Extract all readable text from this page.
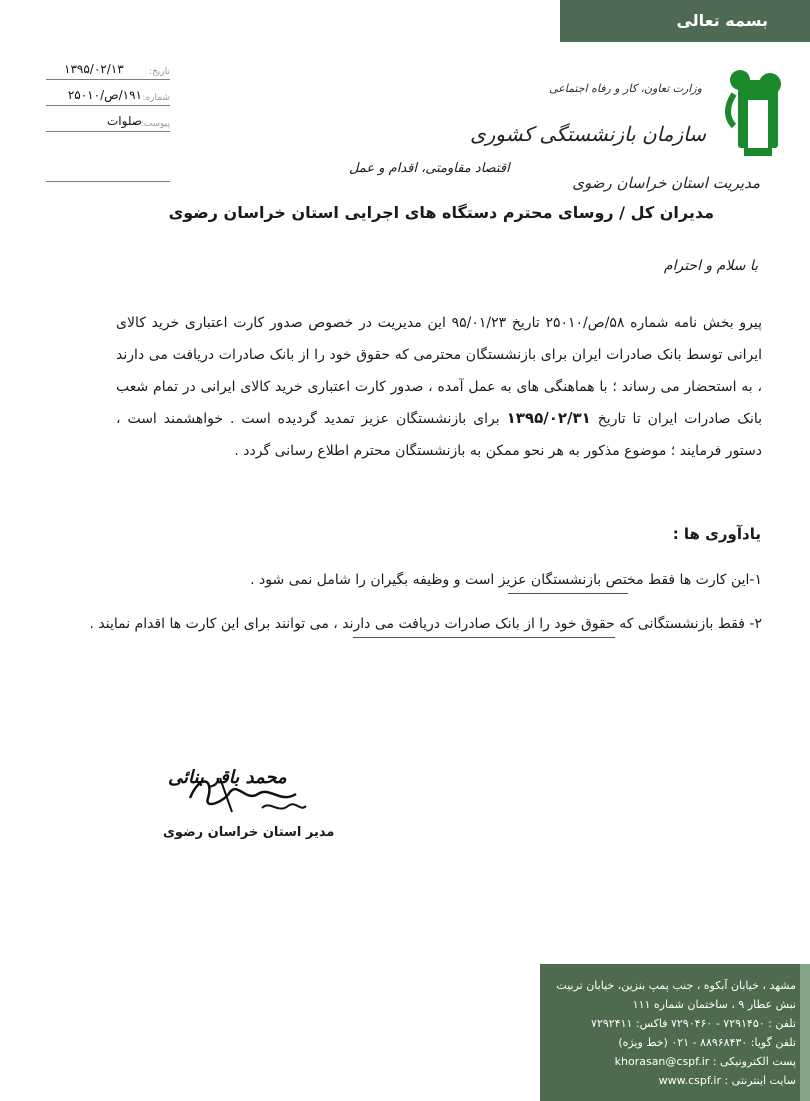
بسمه تعالی
تاریخ:
۱۳۹۵/۰۲/۱۳
شماره:
۱۹۱/ص/۲۵۰۱۰
پیوست:
صلوات
وزارت تعاون، کار و رفاه اجتماعی
سازمان بازنشستگی کشوری
مدیریت استان خراسان رضوی
اقتصاد مقاومتی، اقدام و عمل
مدیران کل / روسای محترم دستگاه های اجرایی استان خراسان رضوی
با سلام و احترام
پیرو بخش نامه شماره ۵۸/ص/۲۵۰۱۰ تاریخ ۹۵/۰۱/۲۳ این مدیریت در خصوص صدور کارت اعتباری خرید کالای ایرانی توسط بانک صادرات ایران برای بازنشستگان محترمی که حقوق خود را از بانک صادرات دریافت می دارند ، به استحضار می رساند ؛ با هماهنگی های به عمل آمده ، صدور کارت اعتباری خرید کالای ایرانی در تمام شعب بانک صادرات ایران تا تاریخ ۱۳۹۵/۰۲/۳۱ برای بازنشستگان عزیز تمدید گردیده است . خواهشمند است ، دستور فرمایند ؛ موضوع مذکور به هر نحو ممکن به بازنشستگان محترم اطلاع رسانی گردد .
یادآوری ها :
۱-این کارت ها فقط مختص بازنشستگان عزیز است و وظیفه بگیران را شامل نمی شود .
۲- فقط بازنشستگانی که حقوق خود را از بانک صادرات دریافت می دارند ، می توانند برای این کارت ها اقدام نمایند .
محمد باقر بنائی
مدیر استان خراسان رضوی
مشهد ، خیابان آبکوه ، جنب پمپ بنزین، خیابان تربیت
نبش عطار ۹ ، ساختمان شماره ۱۱۱
تلفن : ۷۲۹۱۴۵۰ - ۷۲۹۰۴۶۰ فاکس: ۷۲۹۲۴۱۱
تلفن گویا: ۸۸۹۶۸۴۳۰ - ۰۲۱ (خط ویژه)
پست الکترونیکی : khorasan@cspf.ir
سایت اینترنتی : www.cspf.ir
